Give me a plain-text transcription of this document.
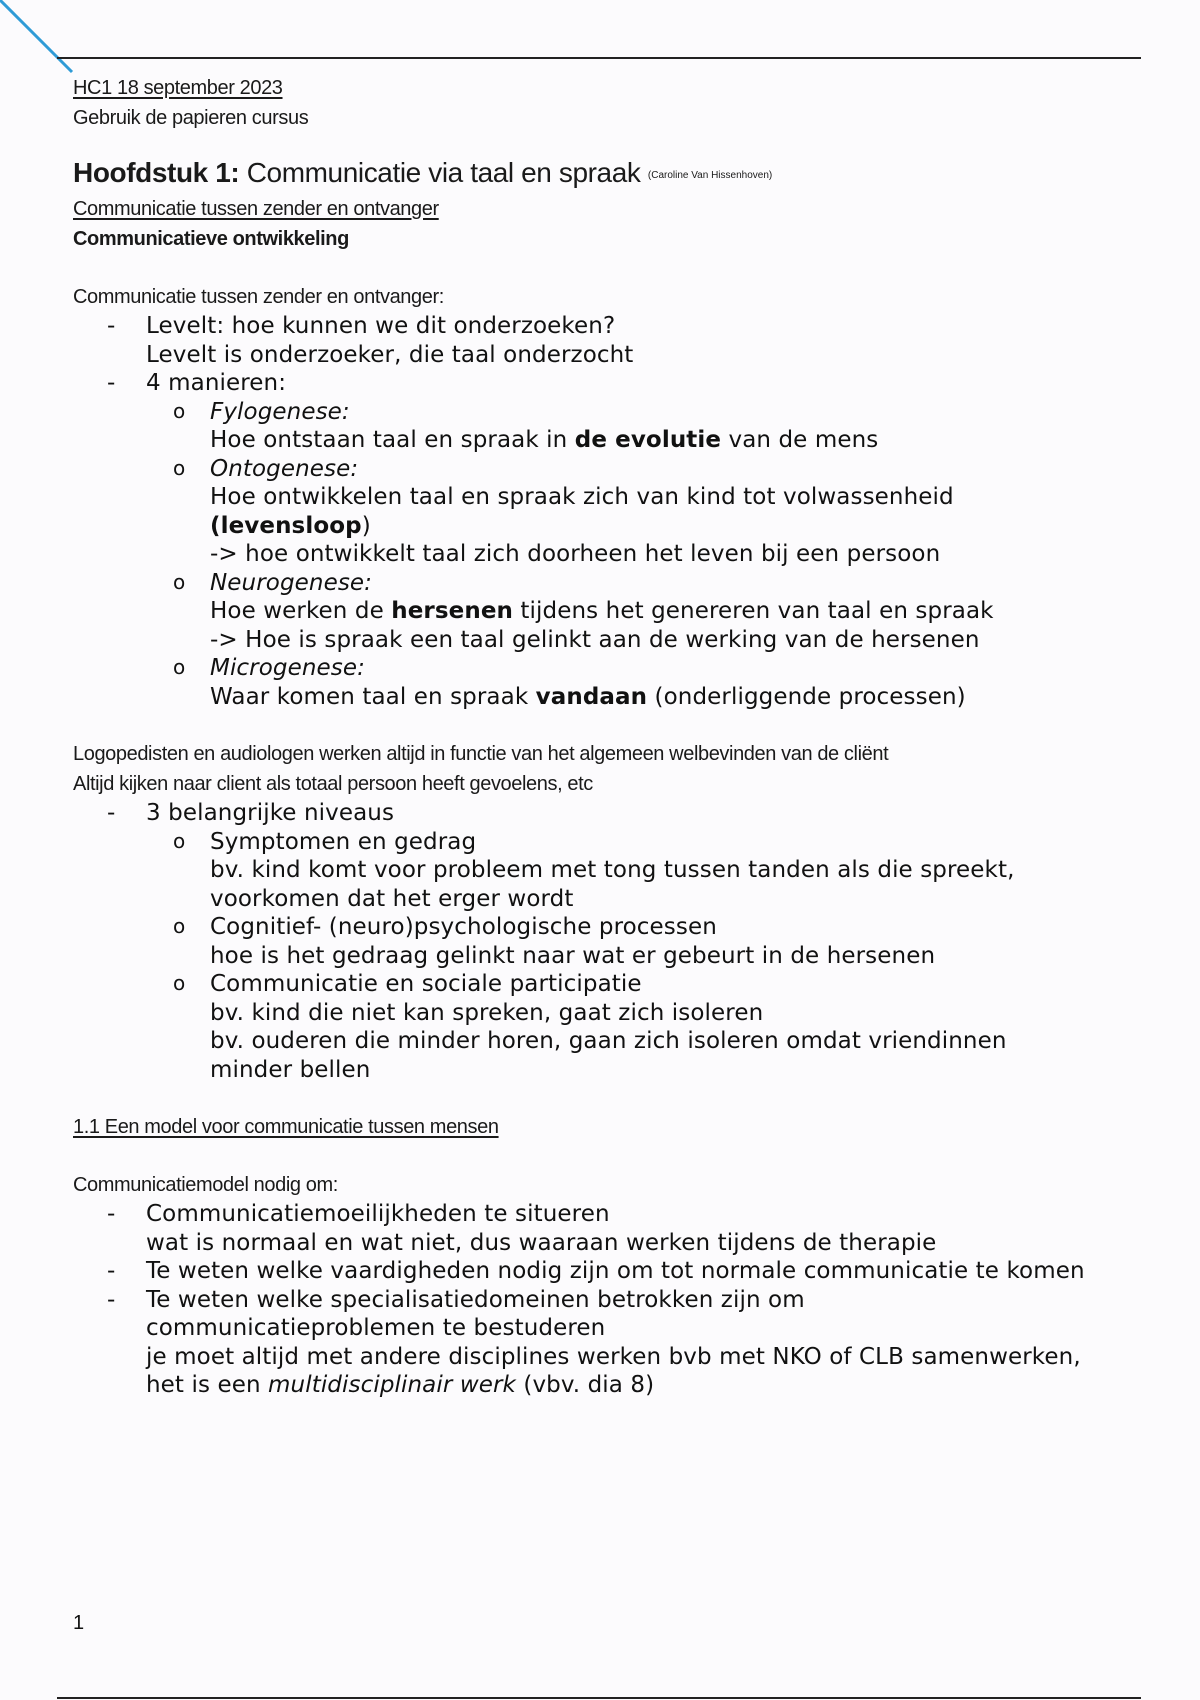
HC1 18 september 2023
Gebruik de papieren cursus
Hoofdstuk 1: Communicatie via taal en spraak (Caroline Van Hissenhoven)
Communicatie tussen zender en ontvanger
Communicatieve ontwikkeling
Communicatie tussen zender en ontvanger:
- Levelt: hoe kunnen we dit onderzoeken?
Levelt is onderzoeker, die taal onderzocht
- 4 manieren:
o Fylogenese:
Hoe ontstaan taal en spraak in de evolutie van de mens
o Ontogenese:
Hoe ontwikkelen taal en spraak zich van kind tot volwassenheid
(levensloop)
-> hoe ontwikkelt taal zich doorheen het leven bij een persoon
o Neurogenese:
Hoe werken de hersenen tijdens het genereren van taal en spraak
-> Hoe is spraak een taal gelinkt aan de werking van de hersenen
o Microgenese:
Waar komen taal en spraak vandaan (onderliggende processen)
Logopedisten en audiologen werken altijd in functie van het algemeen welbevinden van de cliënt
Altijd kijken naar client als totaal persoon heeft gevoelens, etc
- 3 belangrijke niveaus
o Symptomen en gedrag
bv. kind komt voor probleem met tong tussen tanden als die spreekt,
voorkomen dat het erger wordt
o Cognitief- (neuro)psychologische processen
hoe is het gedraag gelinkt naar wat er gebeurt in de hersenen
o Communicatie en sociale participatie
bv. kind die niet kan spreken, gaat zich isoleren
bv. ouderen die minder horen, gaan zich isoleren omdat vriendinnen
minder bellen
1.1 Een model voor communicatie tussen mensen
Communicatiemodel nodig om:
- Communicatiemoeilijkheden te situeren
wat is normaal en wat niet, dus waaraan werken tijdens de therapie
- Te weten welke vaardigheden nodig zijn om tot normale communicatie te komen
- Te weten welke specialisatiedomeinen betrokken zijn om
communicatieproblemen te bestuderen
je moet altijd met andere disciplines werken bvb met NKO of CLB samenwerken,
het is een multidisciplinair werk (vbv. dia 8)
1
